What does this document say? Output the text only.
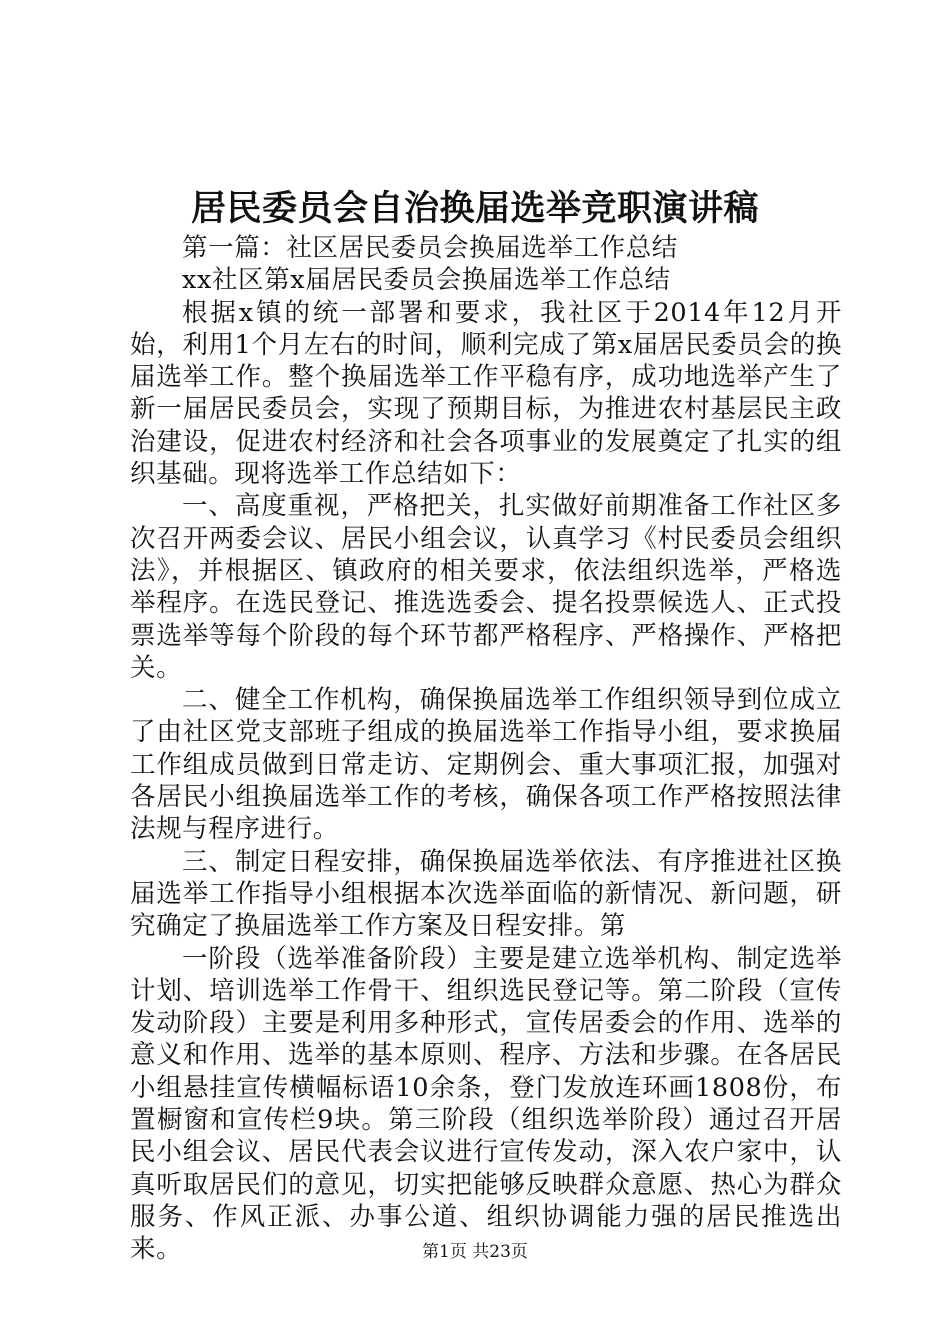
居民委员会自治换届选举竞职演讲稿

第一篇：社区居民委员会换届选举工作总结

xx社区第x届居民委员会换届选举工作总结

根据x镇的统一部署和要求，我社区于2014年12月开始，利用1个月左右的时间，顺利完成了第x届居民委员会的换届选举工作。整个换届选举工作平稳有序，成功地选举产生了新一届居民委员会，实现了预期目标，为推进农村基层民主政治建设，促进农村经济和社会各项事业的发展奠定了扎实的组织基础。现将选举工作总结如下：

一、高度重视，严格把关，扎实做好前期准备工作社区多次召开两委会议、居民小组会议，认真学习《村民委员会组织法》，并根据区、镇政府的相关要求，依法组织选举，严格选举程序。在选民登记、推选选委会、提名投票候选人、正式投票选举等每个阶段的每个环节都严格程序、严格操作、严格把关。

二、健全工作机构，确保换届选举工作组织领导到位成立了由社区党支部班子组成的换届选举工作指导小组，要求换届工作组成员做到日常走访、定期例会、重大事项汇报，加强对各居民小组换届选举工作的考核，确保各项工作严格按照法律法规与程序进行。

三、制定日程安排，确保换届选举依法、有序推进社区换届选举工作指导小组根据本次选举面临的新情况、新问题，研究确定了换届选举工作方案及日程安排。第

一阶段（选举准备阶段）主要是建立选举机构、制定选举计划、培训选举工作骨干、组织选民登记等。第二阶段（宣传发动阶段）主要是利用多种形式，宣传居委会的作用、选举的意义和作用、选举的基本原则、程序、方法和步骤。在各居民小组悬挂宣传横幅标语10余条，登门发放连环画1808份，布置橱窗和宣传栏9块。第三阶段（组织选举阶段）通过召开居民小组会议、居民代表会议进行宣传发动，深入农户家中，认真听取居民们的意见，切实把能够反映群众意愿、热心为群众服务、作风正派、办事公道、组织协调能力强的居民推选出来。	第1页 共23页
